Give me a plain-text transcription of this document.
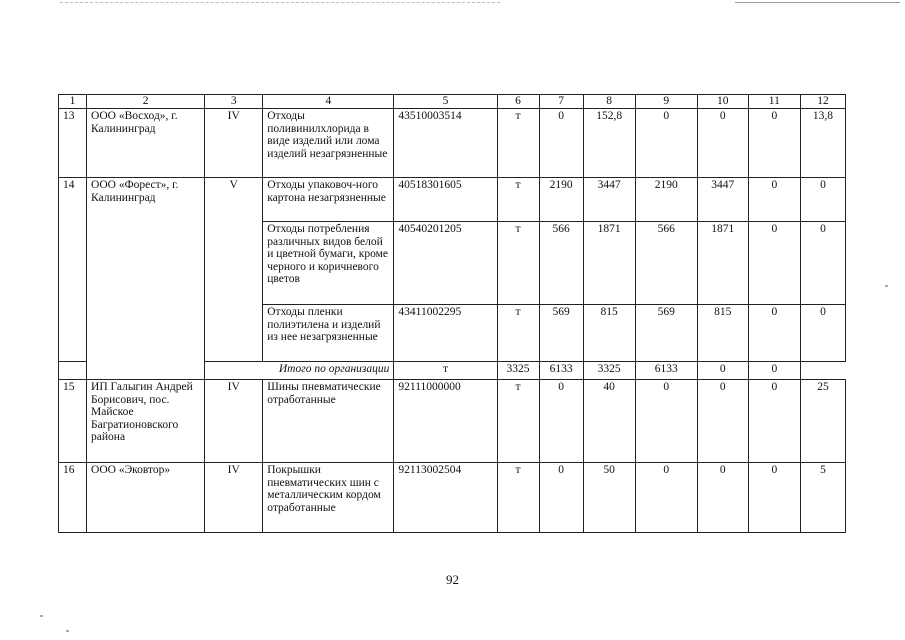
1	2	3	4	5	6	7	8	9	10	11	12
13	ООО «Восход», г. Калининград	IV	Отходы поливинилхлорида в виде изделий или лома изделий незагрязненные	43510003514	т	0	152,8	0	0	0	13,8
14	ООО «Форест», г. Калининград	V	Отходы упаковоч-ного картона незагрязненные	40518301605	т	2190	3447	2190	3447	0	0
			Отходы потребления различных видов белой и цветной бумаги, кроме черного и коричневого цветов	40540201205	т	566	1871	566	1871	0	0
			Отходы пленки полиэтилена и изделий из нее незагрязненные	43411002295	т	569	815	569	815	0	0
Итого по организации				т	3325	6133	3325	6133	0	0	
15	ИП Галыгин Андрей Борисович, пос. Майское Багратионовского района	IV	Шины пневматические отработанные	92111000000	т	0	40	0	0	0	25
16	ООО «Эковтор»	IV	Покрышки пневматических шин с металлическим кордом отработанные	92113002504	т	0	50	0	0	0	5
92
